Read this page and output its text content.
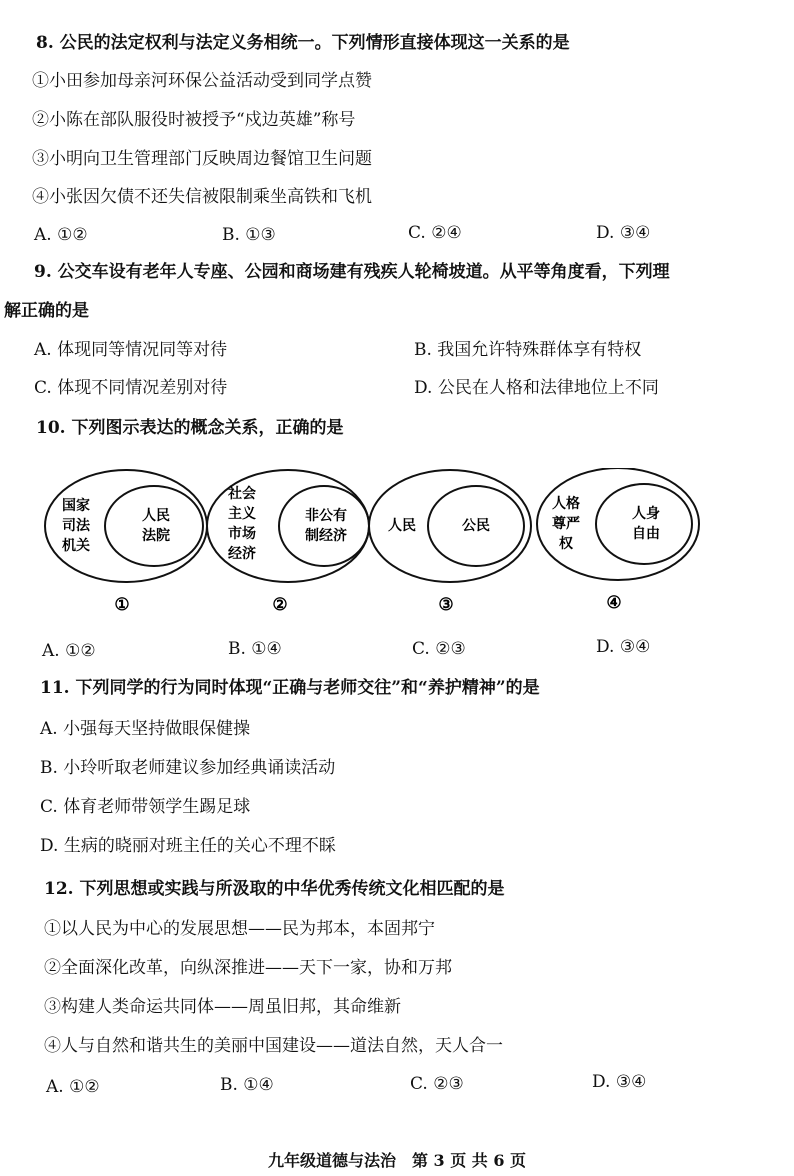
8. 公民的法定权利与法定义务相统一。下列情形直接体现这一关系的是
①小田参加母亲河环保公益活动受到同学点赞
②小陈在部队服役时被授予“戍边英雄”称号
③小明向卫生管理部门反映周边餐馆卫生问题
④小张因欠债不还失信被限制乘坐高铁和飞机
A. ①②	B. ①③	C. ②④	D. ③④
9. 公交车设有老年人专座、公园和商场建有残疾人轮椅坡道。从平等角度看，下列理
解正确的是
A. 体现同等情况同等对待	B. 我国允许特殊群体享有特权
C. 体现不同情况差别对待	D. 公民在人格和法律地位上不同
10. 下列图示表达的概念关系，正确的是
国家
司法
机关
人民
法院
①
社会
主义
市场
经济
非公有
制经济
②
人民	公民
③
人格
尊严
权
人身
自由
④
A. ①②	B. ①④	C. ②③	D. ③④
11. 下列同学的行为同时体现“正确与老师交往”和“养护精神”的是
A. 小强每天坚持做眼保健操
B. 小玲听取老师建议参加经典诵读活动
C. 体育老师带领学生踢足球
D. 生病的晓丽对班主任的关心不理不睬
12. 下列思想或实践与所汲取的中华优秀传统文化相匹配的是
①以人民为中心的发展思想——民为邦本，本固邦宁
②全面深化改革，向纵深推进——天下一家，协和万邦
③构建人类命运共同体——周虽旧邦，其命维新
④人与自然和谐共生的美丽中国建设——道法自然，天人合一
A. ①②	B. ①④	C. ②③	D. ③④
九年级道德与法治　第 3 页 共 6 页
